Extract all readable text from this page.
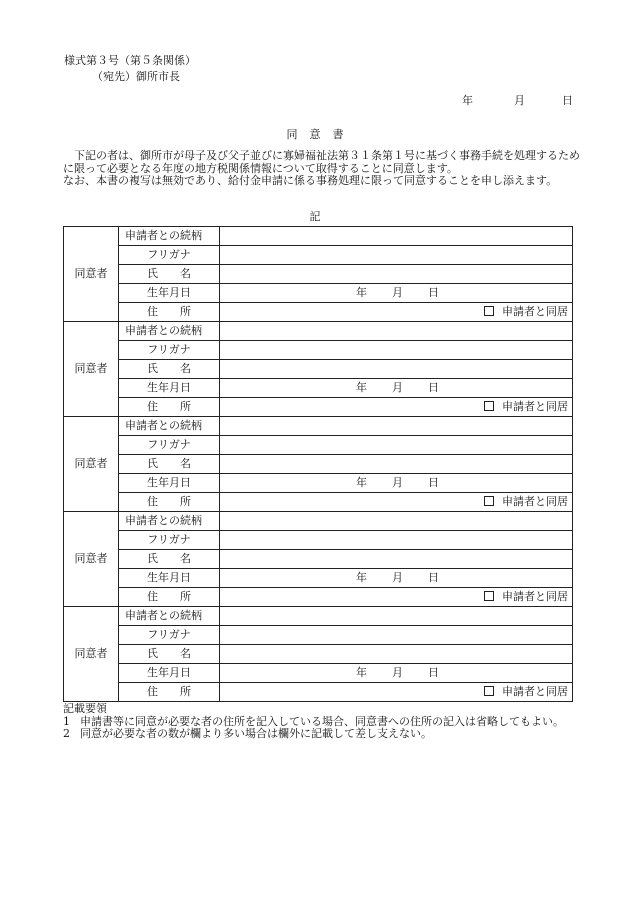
様式第３号（第５条関係）
（宛先）御所市長
年	月	日
同 意 書

下記の者は、御所市が母子及び父子並びに寡婦福祉法第３１条第１号に基づく事務手続を処理するために限って必要となる年度の地方税関係情報について取得することに同意します。

なお、本書の複写は無効であり、給付金申請に係る事務処理に限って同意することを申し添えます。

記
同意者	申請者との続柄	
	フリガナ	
	氏　　名	
	生年月日	年 月 日

	住　　所	申請者と同居
同意者	申請者との続柄	
	フリガナ	
	氏　　名	
	生年月日	年 月 日

	住　　所	申請者と同居
同意者	申請者との続柄	
	フリガナ	
	氏　　名	
	生年月日	年 月 日

	住　　所	申請者と同居
同意者	申請者との続柄	
	フリガナ	
	氏　　名	
	生年月日	年 月 日

	住　　所	申請者と同居
同意者	申請者との続柄	
	フリガナ	
	氏　　名	
	生年月日	年 月 日

	住　　所	申請者と同居

記載要領

1 申請書等に同意が必要な者の住所を記入している場合、同意書への住所の記入は省略してもよい。

2 同意が必要な者の数が欄より多い場合は欄外に記載して差し支えない。
